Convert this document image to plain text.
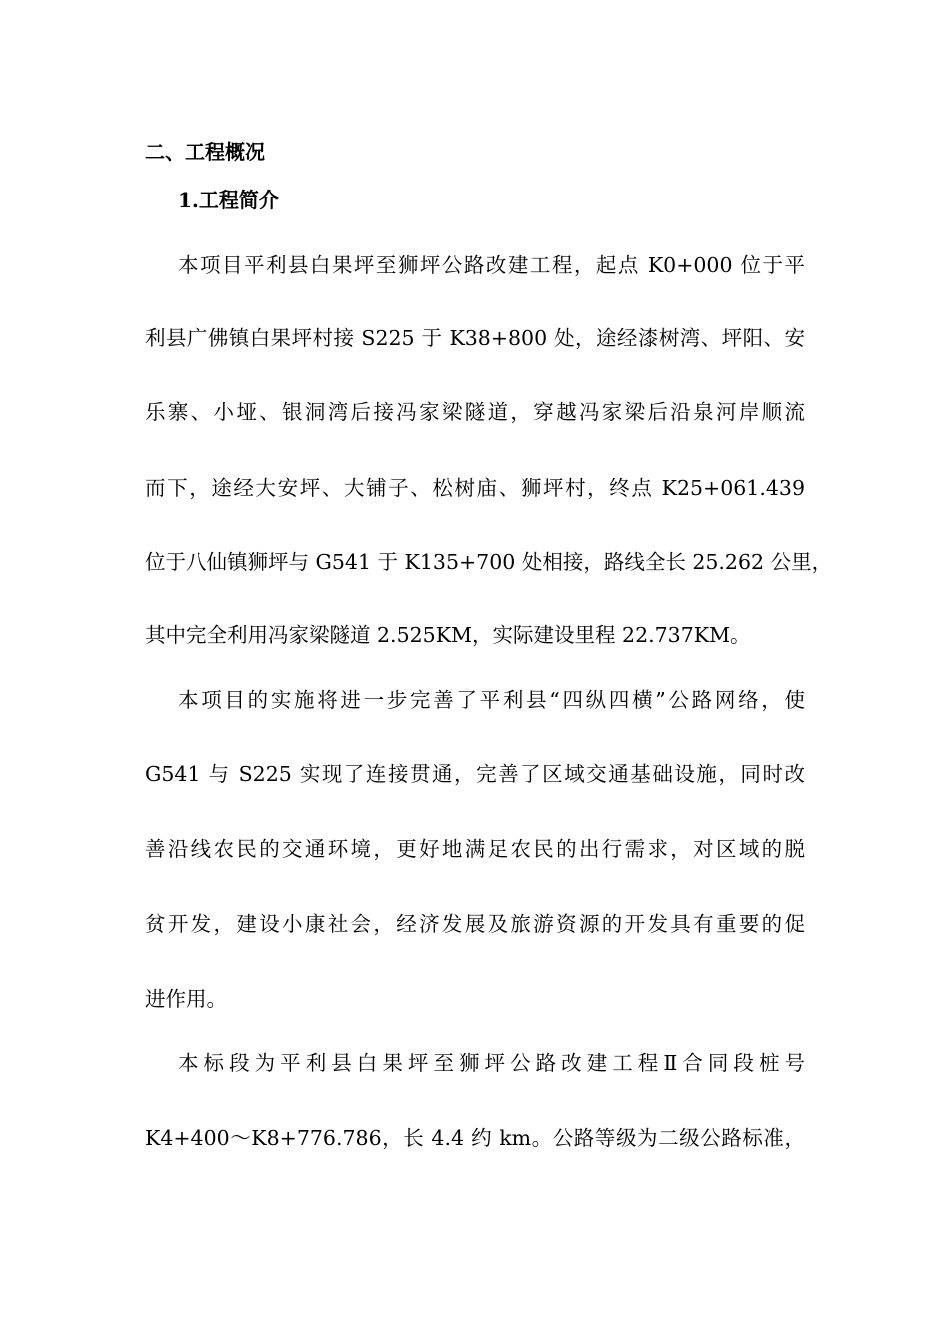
二、工程概况
1.工程简介
本项目平利县白果坪至狮坪公路改建工程，起点 K0+000 位于平
利县广佛镇白果坪村接 S225 于 K38+800 处，途经漆树湾、坪阳、安
乐寨、小垭、银洞湾后接冯家梁隧道，穿越冯家梁后沿泉河岸顺流
而下，途经大安坪、大铺子、松树庙、狮坪村，终点 K25+061.439
位于八仙镇狮坪与 G541 于 K135+700 处相接，路线全长 25.262 公里，
其中完全利用冯家梁隧道 2.525KM，实际建设里程 22.737KM。
本项目的实施将进一步完善了平利县“四纵四横”公路网络，使
G541 与 S225 实现了连接贯通，完善了区域交通基础设施，同时改
善沿线农民的交通环境，更好地满足农民的出行需求，对区域的脱
贫开发，建设小康社会，经济发展及旅游资源的开发具有重要的促
进作用。
本标段为平利县白果坪至狮坪公路改建工程Ⅱ合同段桩号
K4+400～K8+776.786，长 4.4 约 km。公路等级为二级公路标准，
